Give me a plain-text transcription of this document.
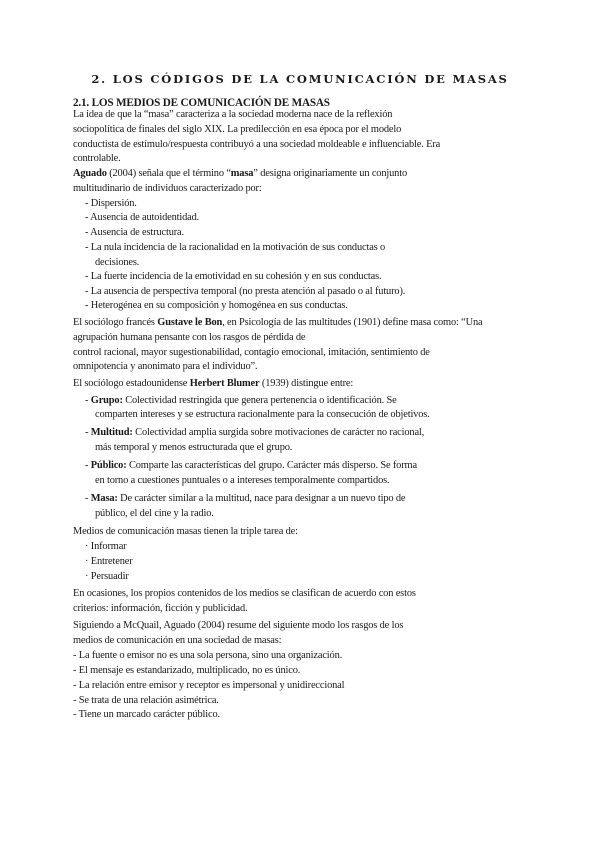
2. LOS CÓDIGOS DE LA COMUNICACIÓN DE MASAS
2.1. LOS MEDIOS DE COMUNICACIÓN DE MASAS
La idea de que la “masa” caracteriza a la sociedad moderna nace de la reflexión
sociopolítica de finales del siglo XIX. La predilección en esa época por el modelo
conductista de estímulo/respuesta contribuyó a una sociedad moldeable e influenciable. Era
controlable.
Aguado (2004) señala que el término “masa” designa originariamente un conjunto
multitudinario de individuos caracterizado por:
- Dispersión.
- Ausencia de autoidentidad.
- Ausencia de estructura.
- La nula incidencia de la racionalidad en la motivación de sus conductas o
decisiones.
- La fuerte incidencia de la emotividad en su cohesión y en sus conductas.
- La ausencia de perspectiva temporal (no presta atención al pasado o al futuro).
- Heterogénea en su composición y homogénea en sus conductas.
El sociólogo francés Gustave le Bon, en Psicología de las multitudes (1901) define masa como: “Una
agrupación humana pensante con los rasgos de pérdida de
control racional, mayor sugestionabilidad, contagio emocional, imitación, sentimiento de
omnipotencia y anonimato para el individuo”.
El sociólogo estadounidense Herbert Blumer (1939) distingue entre:
- Grupo: Colectividad restringida que genera pertenencia o identificación. Se
comparten intereses y se estructura racionalmente para la consecución de objetivos.
- Multitud: Colectividad amplia surgida sobre motivaciones de carácter no racional,
más temporal y menos estructurada que el grupo.
- Público: Comparte las características del grupo. Carácter más disperso. Se forma
en torno a cuestiones puntuales o a intereses temporalmente compartidos.
- Masa: De carácter similar a la multitud, nace para designar a un nuevo tipo de
público, el del cine y la radio.
Medios de comunicación masas tienen la triple tarea de:
· Informar
· Entretener
· Persuadir
En ocasiones, los propios contenidos de los medios se clasifican de acuerdo con estos
criterios: información, ficción y publicidad.
Siguiendo a McQuail, Aguado (2004) resume del siguiente modo los rasgos de los
medios de comunicación en una sociedad de masas:
- La fuente o emisor no es una sola persona, sino una organización.
- El mensaje es estandarizado, multiplicado, no es único.
- La relación entre emisor y receptor es impersonal y unidireccional
- Se trata de una relación asimétrica.
- Tiene un marcado carácter público.
